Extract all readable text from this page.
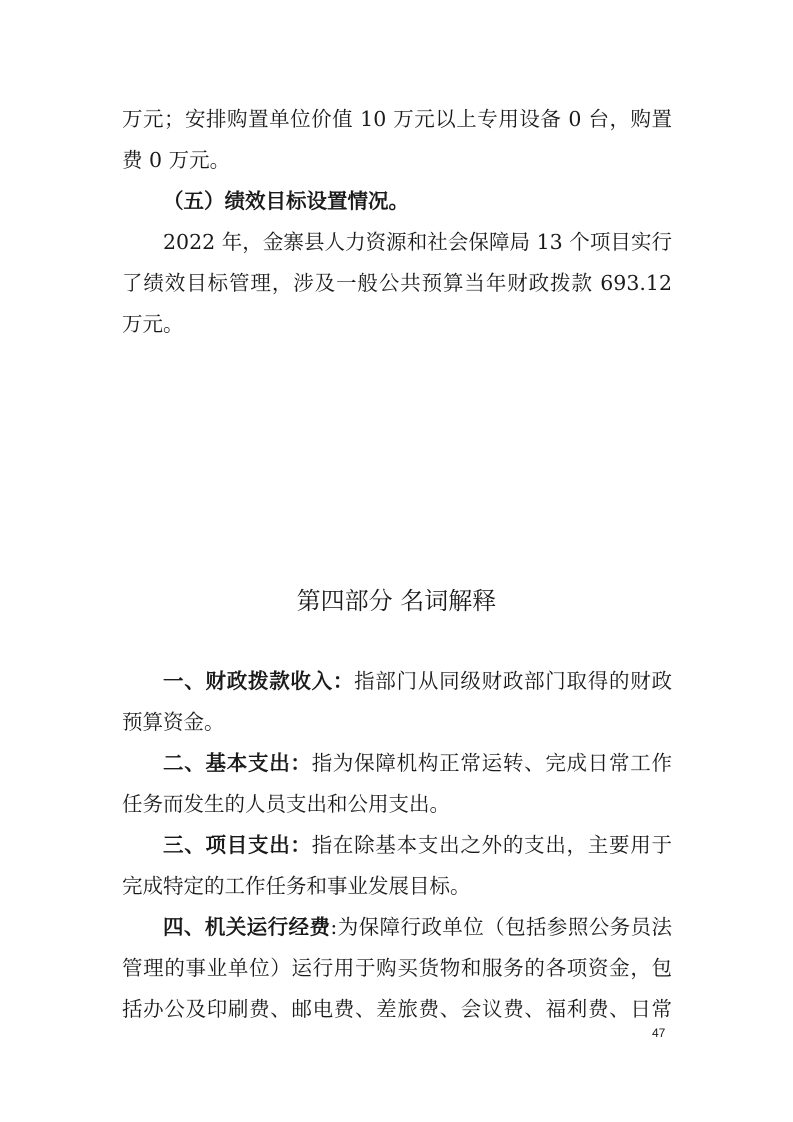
万元；安排购置单位价值 10 万元以上专用设备 0 台，购置
费 0 万元。
（五）绩效目标设置情况。
2022 年，金寨县人力资源和社会保障局 13 个项目实行
了绩效目标管理，涉及一般公共预算当年财政拨款 693.12
万元。
第四部分 名词解释
一、财政拨款收入：指部门从同级财政部门取得的财政
预算资金。
二、基本支出：指为保障机构正常运转、完成日常工作
任务而发生的人员支出和公用支出。
三、项目支出：指在除基本支出之外的支出，主要用于
完成特定的工作任务和事业发展目标。
四、机关运行经费:为保障行政单位（包括参照公务员法
管理的事业单位）运行用于购买货物和服务的各项资金，包
括办公及印刷费、邮电费、差旅费、会议费、福利费、日常
47
